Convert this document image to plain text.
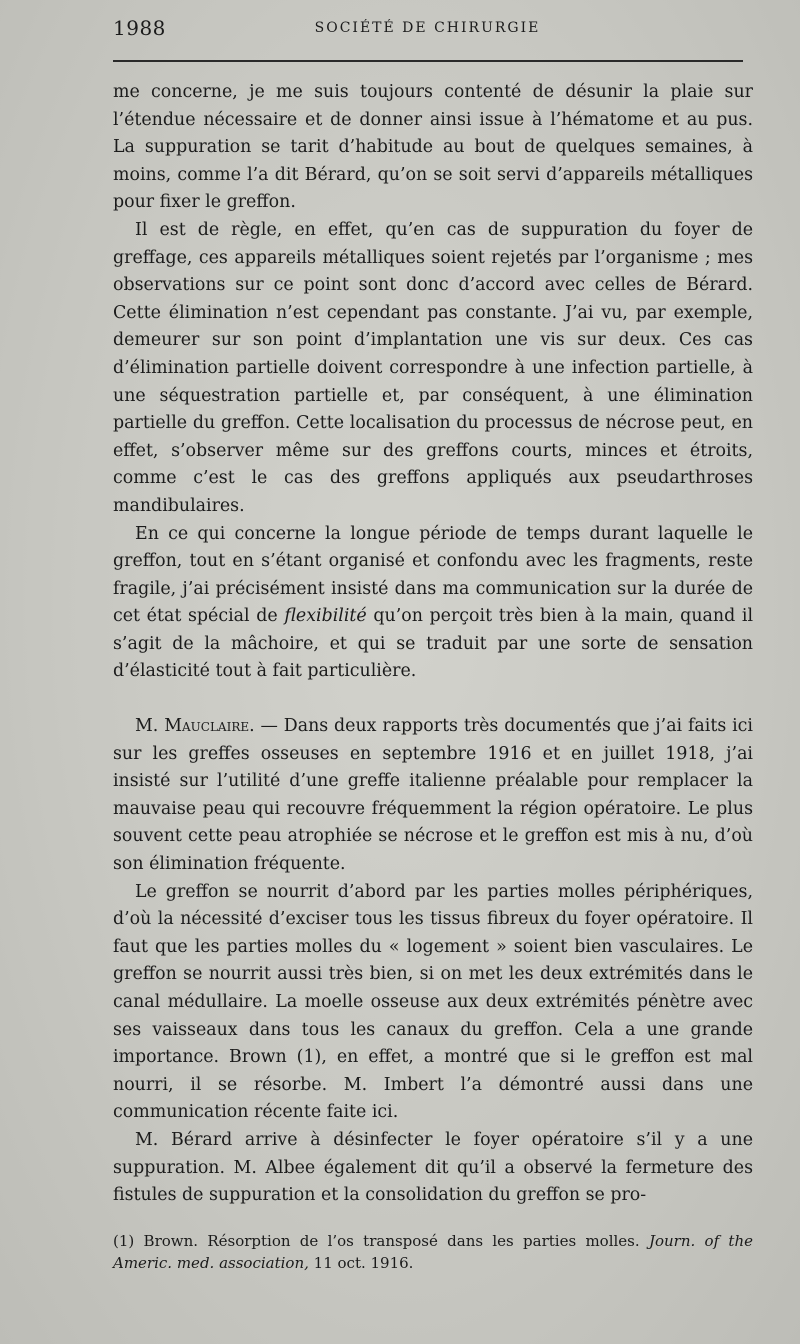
1988	SOCIÉTÉ DE CHIRURGIE

me concerne, je me suis toujours contenté de désunir la plaie sur l’étendue nécessaire et de donner ainsi issue à l’hématome et au pus. La suppuration se tarit d’habitude au bout de quelques semaines, à moins, comme l’a dit Bérard, qu’on se soit servi d’appareils métalliques pour fixer le greffon.

Il est de règle, en effet, qu’en cas de suppuration du foyer de greffage, ces appareils métalliques soient rejetés par l’organisme ; mes observations sur ce point sont donc d’accord avec celles de Bérard. Cette élimination n’est cependant pas constante. J’ai vu, par exemple, demeurer sur son point d’implantation une vis sur deux. Ces cas d’élimination partielle doivent correspondre à une infection partielle, à une séquestration partielle et, par conséquent, à une élimination partielle du greffon. Cette localisation du processus de nécrose peut, en effet, s’observer même sur des greffons courts, minces et étroits, comme c’est le cas des greffons appliqués aux pseudarthroses mandibulaires.

En ce qui concerne la longue période de temps durant laquelle le greffon, tout en s’étant organisé et confondu avec les fragments, reste fragile, j’ai précisément insisté dans ma communication sur la durée de cet état spécial de flexibilité qu’on perçoit très bien à la main, quand il s’agit de la mâchoire, et qui se traduit par une sorte de sensation d’élasticité tout à fait particulière.

M. Mauclaire. — Dans deux rapports très documentés que j’ai faits ici sur les greffes osseuses en septembre 1916 et en juillet 1918, j’ai insisté sur l’utilité d’une greffe italienne préalable pour remplacer la mauvaise peau qui recouvre fréquemment la région opératoire. Le plus souvent cette peau atrophiée se nécrose et le greffon est mis à nu, d’où son élimination fréquente.

Le greffon se nourrit d’abord par les parties molles périphériques, d’où la nécessité d’exciser tous les tissus fibreux du foyer opératoire. Il faut que les parties molles du « logement » soient bien vasculaires. Le greffon se nourrit aussi très bien, si on met les deux extrémités dans le canal médullaire. La moelle osseuse aux deux extrémités pénètre avec ses vaisseaux dans tous les canaux du greffon. Cela a une grande importance. Brown (1), en effet, a montré que si le greffon est mal nourri, il se résorbe. M. Imbert l’a démontré aussi dans une communication récente faite ici.

M. Bérard arrive à désinfecter le foyer opératoire s’il y a une suppuration. M. Albee également dit qu’il a observé la fermeture des fistules de suppuration et la consolidation du greffon se pro-

(1) Brown. Résorption de l’os transposé dans les parties molles. Journ. of the Americ. med. association, 11 oct. 1916.
